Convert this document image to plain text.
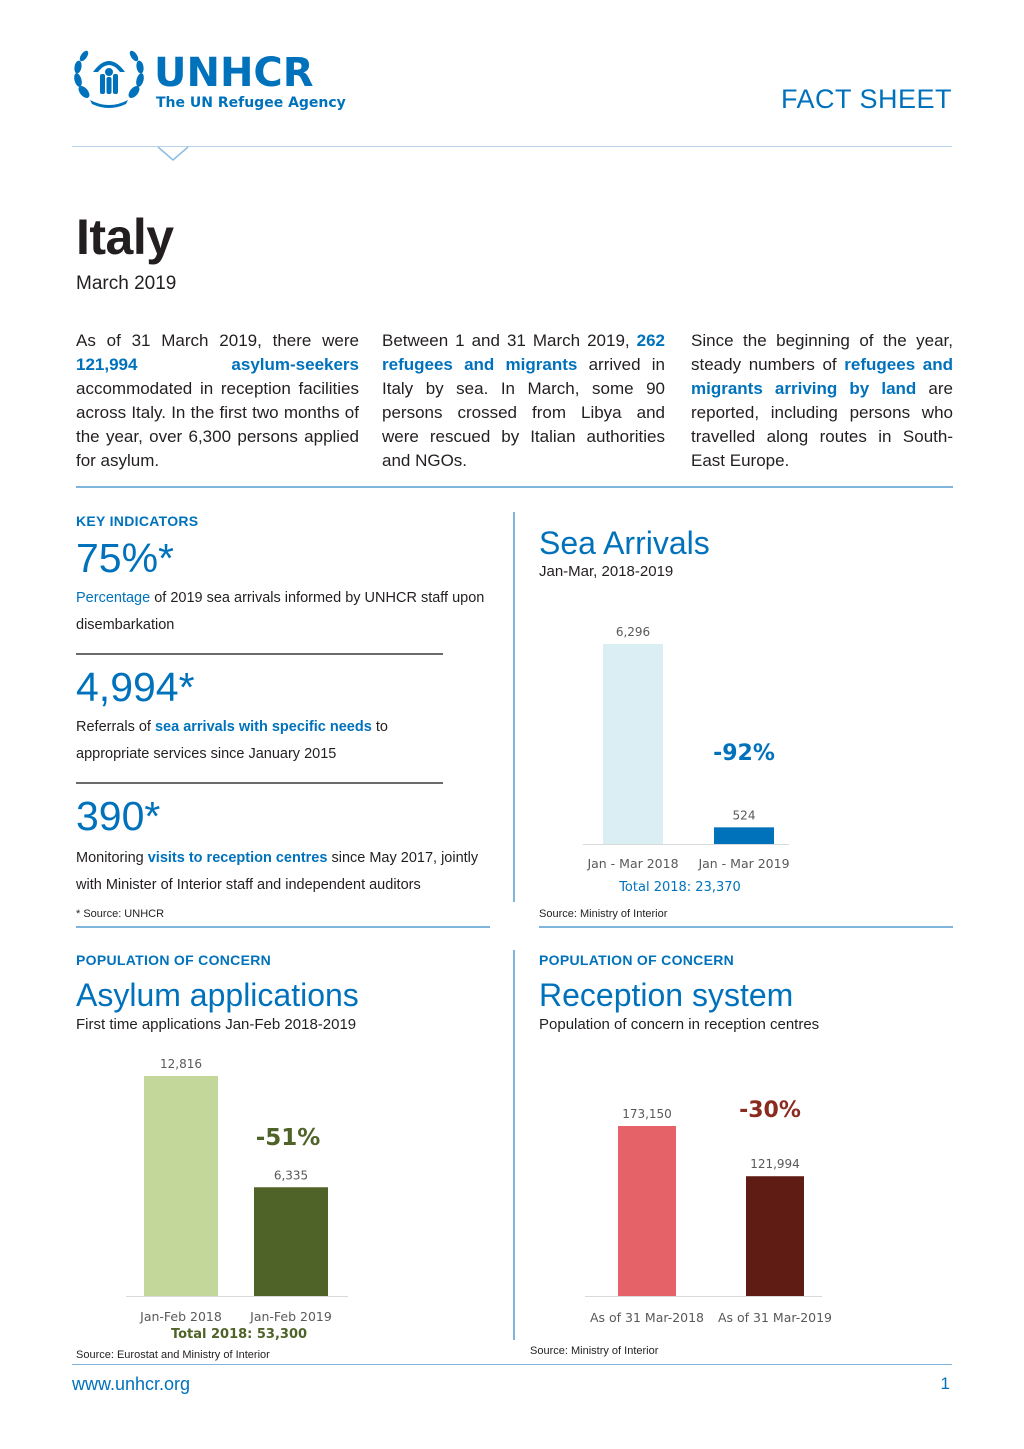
UNHCR
The UN Refugee Agency	FACT SHEET
Italy
March 2019
As of 31 March 2019, there were 121,994 asylum-seekers accommodated in reception facilities across Italy. In the first two months of the year, over 6,300 persons applied for asylum.
Between 1 and 31 March 2019, 262 refugees and migrants arrived in Italy by sea. In March, some 90 persons crossed from Libya and were rescued by Italian authorities and NGOs.
Since the beginning of the year, steady numbers of refugees and migrants arriving by land are reported, including persons who travelled along routes in South-East Europe.
KEY INDICATORS
75%*
Percentage of 2019 sea arrivals informed by UNHCR staff upon disembarkation
4,994*
Referrals of sea arrivals with specific needs to appropriate services since January 2015
390*
Monitoring visits to reception centres since May 2017, jointly with Minister of Interior staff and independent auditors
* Source: UNHCR
Sea Arrivals
Jan-Mar, 2018-2019
6,296
Jan - Mar 2018
524
Jan - Mar 2019
-92%
Total 2018: 23,370
Source: Ministry of Interior
POPULATION OF CONCERN
Asylum applications
First time applications Jan-Feb 2018-2019
12,816
Jan-Feb 2018
6,335
Jan-Feb 2019
-51%
Total 2018: 53,300
Source: Eurostat and Ministry of Interior
POPULATION OF CONCERN
Reception system
Population of concern in reception centres
173,150
As of 31 Mar-2018
121,994
As of 31 Mar-2019
-30%
Source: Ministry of Interior
www.unhcr.org	1
